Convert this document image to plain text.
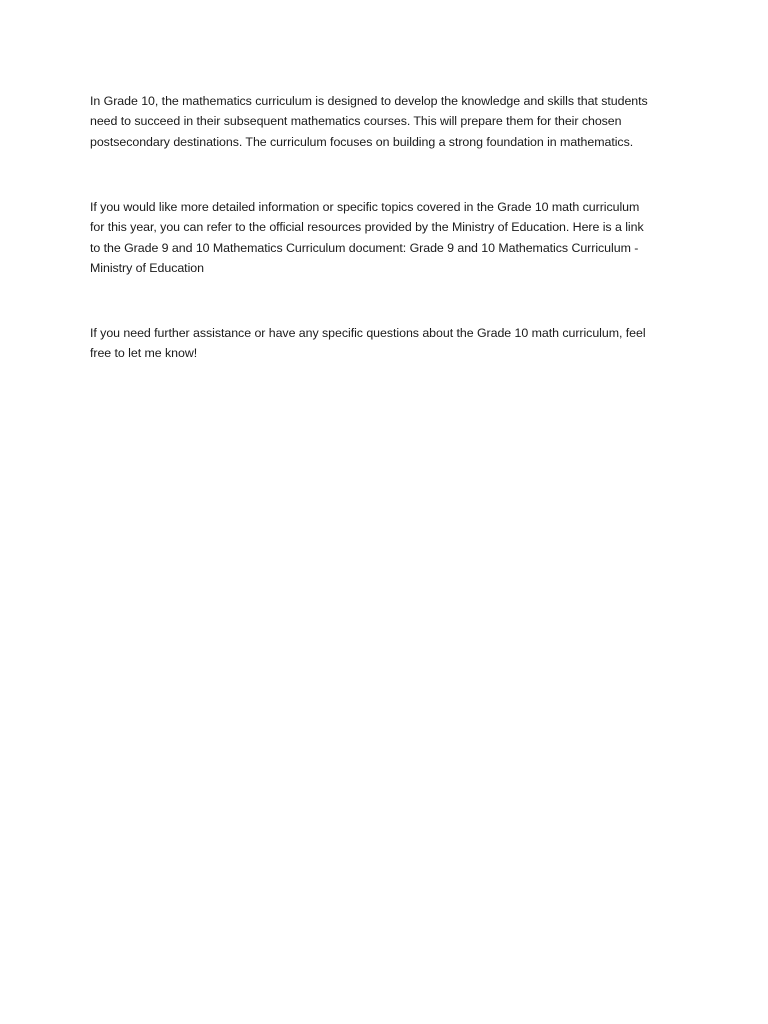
In Grade 10, the mathematics curriculum is designed to develop the knowledge and skills that students
need to succeed in their subsequent mathematics courses. This will prepare them for their chosen
postsecondary destinations. The curriculum focuses on building a strong foundation in mathematics.

If you would like more detailed information or specific topics covered in the Grade 10 math curriculum
for this year, you can refer to the official resources provided by the Ministry of Education. Here is a link
to the Grade 9 and 10 Mathematics Curriculum document: Grade 9 and 10 Mathematics Curriculum -
Ministry of Education

If you need further assistance or have any specific questions about the Grade 10 math curriculum, feel
free to let me know!
